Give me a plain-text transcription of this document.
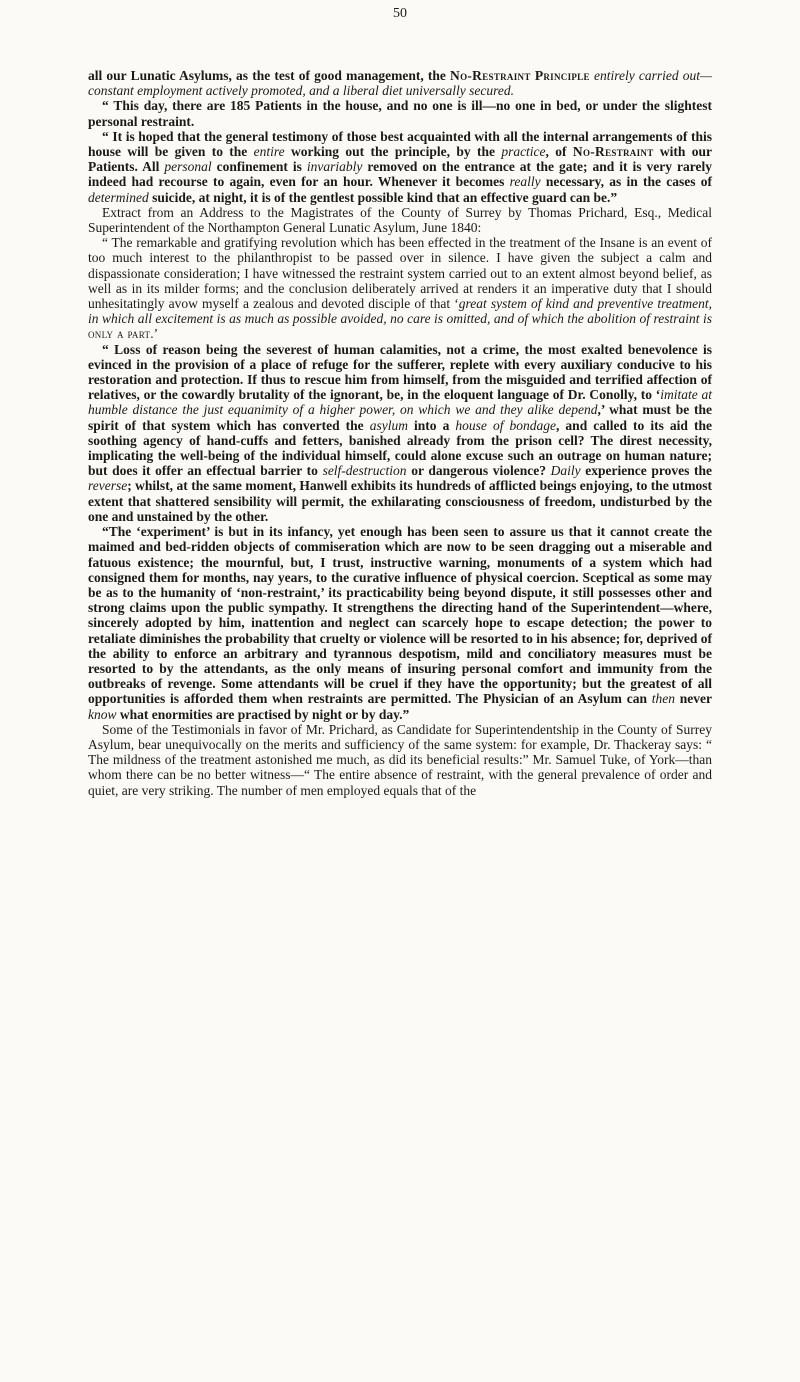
50

all our Lunatic Asylums, as the test of good management, the No-Restraint Principle entirely carried out—constant employment actively promoted, and a liberal diet universally secured.

“ This day, there are 185 Patients in the house, and no one is ill—no one in bed, or under the slightest personal restraint.

“ It is hoped that the general testimony of those best acquainted with all the internal arrangements of this house will be given to the entire working out the principle, by the practice, of No-Restraint with our Patients. All personal confinement is invariably removed on the entrance at the gate; and it is very rarely indeed had recourse to again, even for an hour. Whenever it becomes really necessary, as in the cases of determined suicide, at night, it is of the gentlest possible kind that an effective guard can be.”

Extract from an Address to the Magistrates of the County of Surrey by Thomas Prichard, Esq., Medical Superintendent of the Northampton General Lunatic Asylum, June 1840:

“ The remarkable and gratifying revolution which has been effected in the treatment of the Insane is an event of too much interest to the philanthropist to be passed over in silence. I have given the subject a calm and dispassionate consideration; I have witnessed the restraint system carried out to an extent almost beyond belief, as well as in its milder forms; and the conclusion deliberately arrived at renders it an imperative duty that I should unhesitatingly avow myself a zealous and devoted disciple of that ‘great system of kind and preventive treatment, in which all excitement is as much as possible avoided, no care is omitted, and of which the abolition of restraint is only a part.’

“ Loss of reason being the severest of human calamities, not a crime, the most exalted benevolence is evinced in the provision of a place of refuge for the sufferer, replete with every auxiliary conducive to his restoration and protection. If thus to rescue him from himself, from the misguided and terrified affection of relatives, or the cowardly brutality of the ignorant, be, in the eloquent language of Dr. Conolly, to ‘imitate at humble distance the just equanimity of a higher power, on which we and they alike depend,’ what must be the spirit of that system which has converted the asylum into a house of bondage, and called to its aid the soothing agency of hand-cuffs and fetters, banished already from the prison cell? The direst necessity, implicating the well-being of the individual himself, could alone excuse such an outrage on human nature; but does it offer an effectual barrier to self-destruction or dangerous violence? Daily experience proves the reverse; whilst, at the same moment, Hanwell exhibits its hundreds of afflicted beings enjoying, to the utmost extent that shattered sensibility will permit, the exhilarating consciousness of freedom, undisturbed by the one and unstained by the other.

“The ‘experiment’ is but in its infancy, yet enough has been seen to assure us that it cannot create the maimed and bed-ridden objects of commiseration which are now to be seen dragging out a miserable and fatuous existence; the mournful, but, I trust, instructive warning, monuments of a system which had consigned them for months, nay years, to the curative influence of physical coercion. Sceptical as some may be as to the humanity of ‘non-restraint,’ its practicability being beyond dispute, it still possesses other and strong claims upon the public sympathy. It strengthens the directing hand of the Superintendent—where, sincerely adopted by him, inattention and neglect can scarcely hope to escape detection; the power to retaliate diminishes the probability that cruelty or violence will be resorted to in his absence; for, deprived of the ability to enforce an arbitrary and tyrannous despotism, mild and conciliatory measures must be resorted to by the attendants, as the only means of insuring personal comfort and immunity from the outbreaks of revenge. Some attendants will be cruel if they have the opportunity; but the greatest of all opportunities is afforded them when restraints are permitted. The Physician of an Asylum can then never know what enormities are practised by night or by day.”

Some of the Testimonials in favor of Mr. Prichard, as Candidate for Superintendentship in the County of Surrey Asylum, bear unequivocally on the merits and sufficiency of the same system: for example, Dr. Thackeray says: “ The mildness of the treatment astonished me much, as did its beneficial results:” Mr. Samuel Tuke, of York—than whom there can be no better witness—“ The entire absence of restraint, with the general prevalence of order and quiet, are very striking. The number of men employed equals that of the
